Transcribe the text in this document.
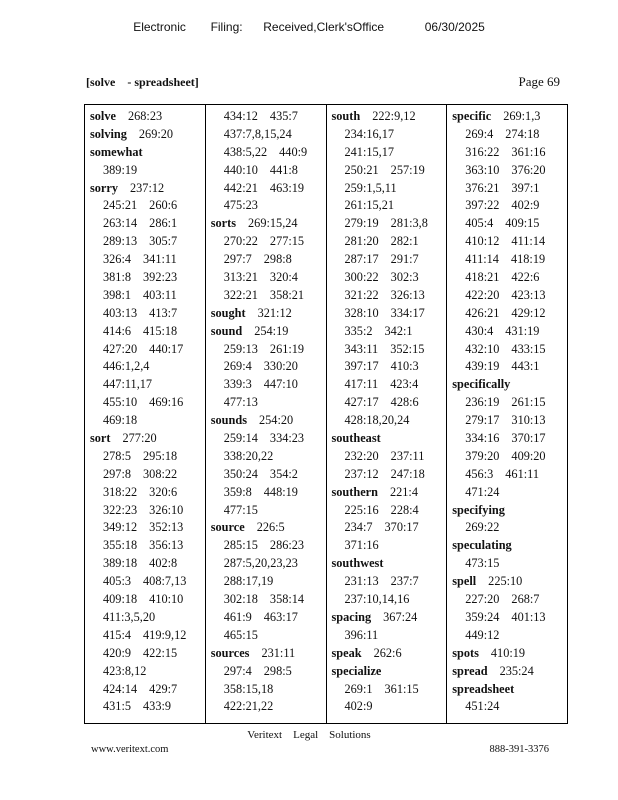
Electronic Filing: Received,Clerk'sOffice	06/30/2025
[solve    - spreadsheet]	Page 69
solve 268:23
solving 269:20
somewhat
389:19
sorry 237:12
245:21 260:6
263:14 286:1
289:13 305:7
326:4 341:11
381:8 392:23
398:1 403:11
403:13 413:7
414:6 415:18
427:20 440:17
446:1,2,4
447:11,17
455:10 469:16
469:18
sort 277:20
278:5 295:18
297:8 308:22
318:22 320:6
322:23 326:10
349:12 352:13
355:18 356:13
389:18 402:8
405:3 408:7,13
409:18 410:10
411:3,5,20
415:4 419:9,12
420:9 422:15
423:8,12
424:14 429:7
431:5 433:9
434:12 435:7
437:7,8,15,24
438:5,22 440:9
440:10 441:8
442:21 463:19
475:23
sorts 269:15,24
270:22 277:15
297:7 298:8
313:21 320:4
322:21 358:21
sought 321:12
sound 254:19
259:13 261:19
269:4 330:20
339:3 447:10
477:13
sounds 254:20
259:14 334:23
338:20,22
350:24 354:2
359:8 448:19
477:15
source 226:5
285:15 286:23
287:5,20,23,23
288:17,19
302:18 358:14
461:9 463:17
465:15
sources 231:11
297:4 298:5
358:15,18
422:21,22
south 222:9,12
234:16,17
241:15,17
250:21 257:19
259:1,5,11
261:15,21
279:19 281:3,8
281:20 282:1
287:17 291:7
300:22 302:3
321:22 326:13
328:10 334:17
335:2 342:1
343:11 352:15
397:17 410:3
417:11 423:4
427:17 428:6
428:18,20,24
southeast
232:20 237:11
237:12 247:18
southern 221:4
225:16 228:4
234:7 370:17
371:16
southwest
231:13 237:7
237:10,14,16
spacing 367:24
396:11
speak 262:6
specialize
269:1 361:15
402:9
specific 269:1,3
269:4 274:18
316:22 361:16
363:10 376:20
376:21 397:1
397:22 402:9
405:4 409:15
410:12 411:14
411:14 418:19
418:21 422:6
422:20 423:13
426:21 429:12
430:4 431:19
432:10 433:15
439:19 443:1
specifically
236:19 261:15
279:17 310:13
334:16 370:17
379:20 409:20
456:3 461:11
471:24
specifying
269:22
speculating
473:15
spell 225:10
227:20 268:7
359:24 401:13
449:12
spots 410:19
spread 235:24
spreadsheet
451:24
Veritext    Legal    Solutions
www.veritext.com	888-391-3376
